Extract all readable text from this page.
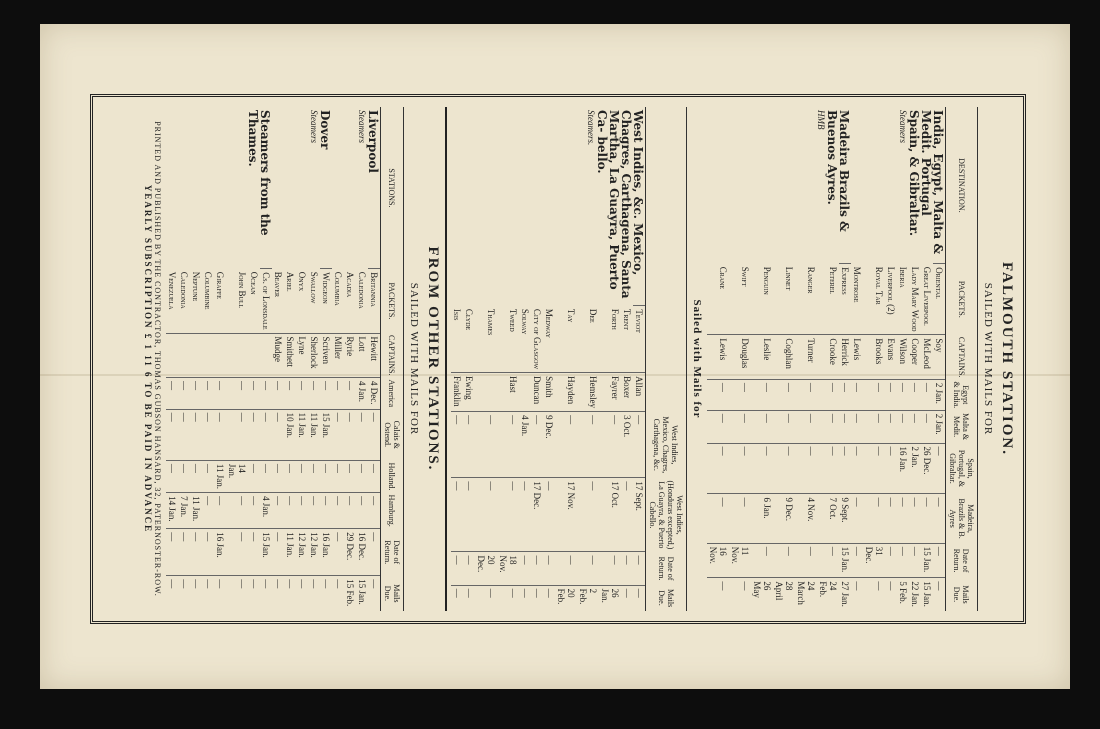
FALMOUTH STATION.
SAILED WITH MAILS FOR
DESTINATION.	PACKETS.	CAPTAINS.	Egypt & India.	Malta & Medit.	Spain, Portugal, & Gibraltar.	Madeira, Brazils & B. Ayres	Date of Return.	Mails Due.

India, Egypt, Malta & Medit. Portugal Spain, & Gibraltar.
Steamers	Oriental	Soy	2 Jan.	2 Jan.	—	—	—	—
	Great Liverpool	McLeod	—	—	26 Dec.	—	15 Jan.	15 Jan.
	Lady Mary Wood	Cooper	—	—	2 Jan.	—	—	22 Jan.
	Iberia	Wilson	—	—	16 Jan.	—	—	5 Feb.
	Liverpool (2)	Evans	—	—	—	—	—	—
	Royal Tar	Brooks	—	—	—	—	31 Dec.	—
	Montrose	Lewis	—	—	—	—	—	—

Madeira Brazils & Buenos Ayres.
HMB	Express	Herrick	—	—	—	9 Sept.	15 Jan.	27 Jan.
	Peterel	Crooke	—	—	—	7 Oct.	—	24 Feb.
	Ranger	Turner	—	—	—	4 Nov.	—	24 March
	Linnet	Coghlan	—	—	—	9 Dec.	—	28 April
	Penguin	Leslie	—	—	—	6 Jan.	—	26 May
	Swift	Douglas	—	—	—	—	11 Nov.	—
	Crane	Lewis	—	—	—	—	16 Nov.	—
Sailed with Mails for
			West Indies, Mexico, Chagres, Carthagena, &c.	West Indies, (Honduras excepted,) La Guayra, & Puerto Cabello.	Date of Return.	Mails Due.

West Indies, &c. Mexico, Chagres, Carthagena, Santa Martha, La Guayra, Puerto Ca- bello.
Steamers.	Teviot	Allan	—	17 Sept.	—	—
	Trent	Boxer	3 Oct.	—	—	—
	Forth	Fayrer	—	17 Oct.	—	26 Jan.
	Dee	Hemsley	—	—	—	2 Feb.
	Tay	Hayden	—	17 Nov.	—	20 Feb.
	Medway	Smith	9 Dec.	—	—	—
	City of Glasgow	Duncan	—	17 Dec.	—	—
	Solway		4 Jan.	—	—	—
	Tweed	Hast	—	—	18 Nov.	—
	Thames		—	—	20 Dec.	—
	Clyde	Ewing	—	—	—	—
	Isis	Franklin	—	—	—	—
FROM OTHER STATIONS.
SAILED WITH MAILS FOR
STATIONS.	PACKETS.	CAPTAINS.	America	Calais & Ostend.	Holland.	Hamburg.	Date of Return.	Mails Due.

Liverpool
Steamers	Britannia	Hewitt	4 Dec.	—	—	—	—	—
	Caledonia	Lott	4 Jan.	—	—	—	16 Dec.	15 Jan.
	Acadia	Ryrie	—	—	—	—	29 Dec.	15 Feb.
	Columbia	Miller	—	—	—	—	—	—

Dover
Steamers	Widgeon	Scriven	—	15 Jan.	—	—	16 Jan.	—
	Swallow	Sherlock	—	11 Jan.	—	—	12 Jan.	—
	Onyx	Lyne	—	11 Jan.	—	—	12 Jan.	—
	Ariel	Smithett	—	10 Jan.	—	—	11 Jan.	—
	Beaver	Mudge	—	—	—	—	—	—

Steamers from the Thames.	Cs. of Lonsdale		—	—	—	4 Jan.	15 Jan.	—
	Ocean		—	—	—	—	—	—
	John Bull		—	—	14 Jan.	—	—	—
	Giraffe		—	—	11 Jan.	—	16 Jan.	—
	Columbine		—	—	—	—	—	—
	Neptune		—	—	—	11 Jan.	—	—
	Caledonia		—	—	—	7 Jan.	—	—
	Venezuela		—	—	—	14 Jan.	—	—
PRINTED AND PUBLISHED BY THE CONTRACTOR, THOMAS GUBSON HANSARD, 32, PATERNOSTER-ROW.
YEARLY SUBSCRIPTION £ 1 11 6 TO BE PAID IN ADVANCE
